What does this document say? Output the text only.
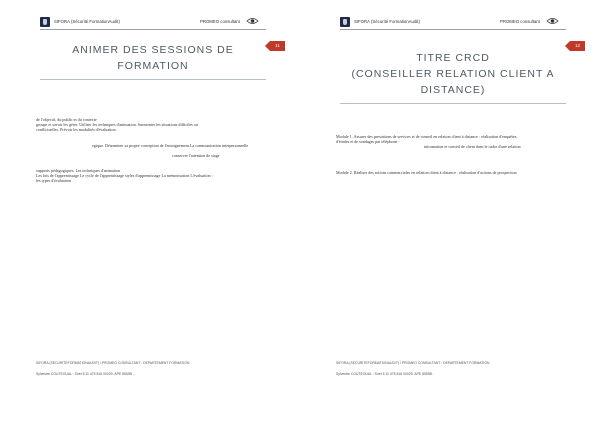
SIFORA (Sécurité FormationAudit)	PROMEO consultant
11
ANIMER DES SESSIONS DE
FORMATION

de l'objectif, du public et du contexte

groupe et savoir les gérer. Utiliser les techniques d'animation. Surmonter les situations difficiles ou

conflictuelles. Prévoir les modalités d'évaluation.

egique. Déterminer sa propre conception de l'enseignement.La communication interpersonnelle

conserver l'attention de stage

supports pédagogiques. Les techniques d'animation

Les lois de l'apprentissage Le cycle de l'apprentissage styles d'apprentissage La mémorisation L'évaluation :

les types d'évaluation

SIFORA (SECURITEFORMATIONAUDIT) / PROMEO CONSULTANT : DEPARTEMENT FORMATION
Sylvestre COUTEOUAL : Siret 5 11 475 816 00029- APE 8559B -
SIFORA (Sécurité FormationAudit)	PROMEO consultant
12
TITRE CRCD
(CONSEILLER RELATION CLIENT A
DISTANCE)

Module 1. Assurer des prestations de services et de conseil en relation client à distance : réalisation d'enquêtes,

d'études et de sondages par téléphone -

information et conseil de client dans le cadre d'une relation

Module 2. Réaliser des actions commerciales en relation client à distance : réalisation d'actions de prospection

SIFORA (SECURITEFORMATIONAUDIT) / PROMEO CONSULTANT : DEPARTEMENT FORMATION
Sylvestre COUTEOUAL : Siret 5 11 475 816 00029- APE 8559B -
